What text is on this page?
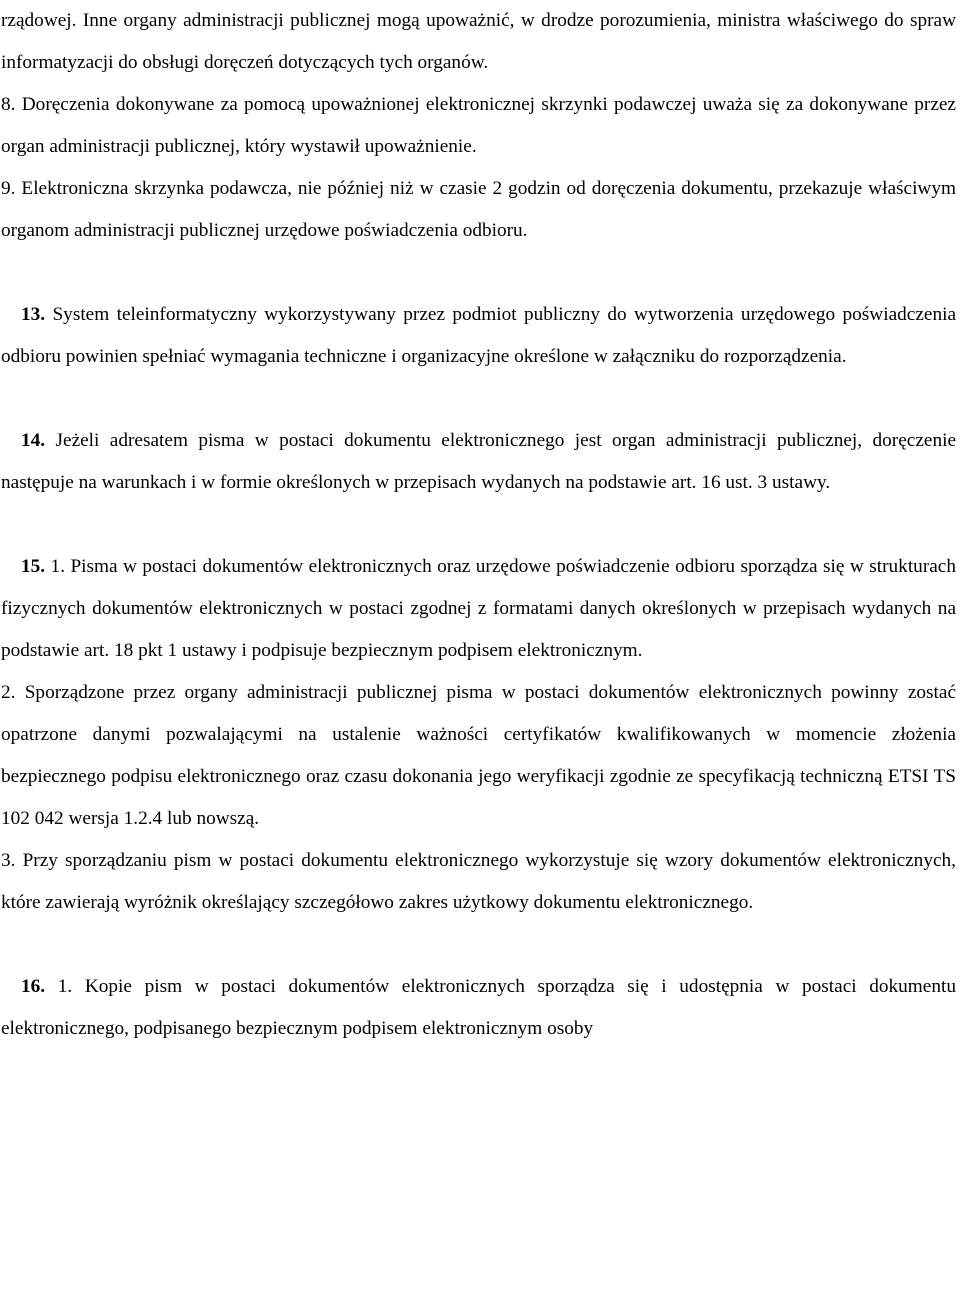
rządowej. Inne organy administracji publicznej mogą upoważnić, w drodze porozumienia, ministra właściwego do spraw informatyzacji do obsługi doręczeń dotyczących tych organów.

8. Doręczenia dokonywane za pomocą upoważnionej elektronicznej skrzynki podawczej uważa się za dokonywane przez organ administracji publicznej, który wystawił upoważnienie.

9. Elektroniczna skrzynka podawcza, nie później niż w czasie 2 godzin od doręczenia dokumentu, przekazuje właściwym organom administracji publicznej urzędowe poświadczenia odbioru.

13. System teleinformatyczny wykorzystywany przez podmiot publiczny do wytworzenia urzędowego poświadczenia odbioru powinien spełniać wymagania techniczne i organizacyjne określone w załączniku do rozporządzenia.

14. Jeżeli adresatem pisma w postaci dokumentu elektronicznego jest organ administracji publicznej, doręczenie następuje na warunkach i w formie określonych w przepisach wydanych na podstawie art. 16 ust. 3 ustawy.

15. 1. Pisma w postaci dokumentów elektronicznych oraz urzędowe poświadczenie odbioru sporządza się w strukturach fizycznych dokumentów elektronicznych w postaci zgodnej z formatami danych określonych w przepisach wydanych na podstawie art. 18 pkt 1 ustawy i podpisuje bezpiecznym podpisem elektronicznym.

2. Sporządzone przez organy administracji publicznej pisma w postaci dokumentów elektronicznych powinny zostać opatrzone danymi pozwalającymi na ustalenie ważności certyfikatów kwalifikowanych w momencie złożenia bezpiecznego podpisu elektronicznego oraz czasu dokonania jego weryfikacji zgodnie ze specyfikacją techniczną ETSI TS 102 042 wersja 1.2.4 lub nowszą.

3. Przy sporządzaniu pism w postaci dokumentu elektronicznego wykorzystuje się wzory dokumentów elektronicznych, które zawierają wyróżnik określający szczegółowo zakres użytkowy dokumentu elektronicznego.

16. 1. Kopie pism w postaci dokumentów elektronicznych sporządza się i udostępnia w postaci dokumentu elektronicznego, podpisanego bezpiecznym podpisem elektronicznym osoby
